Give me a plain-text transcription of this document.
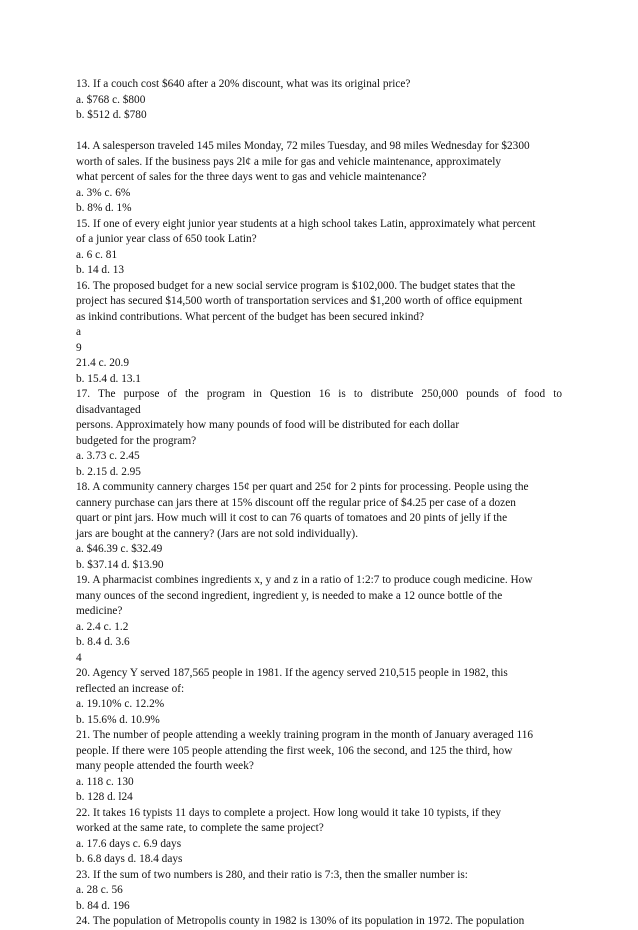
13. If a couch cost $640 after a 20% discount, what was its original price?
a. $768 c. $800
b. $512 d. $780
14. A salesperson traveled 145 miles Monday, 72 miles Tuesday, and 98 miles Wednesday for $2300
worth of sales. If the business pays 2l¢ a mile for gas and vehicle maintenance, approximately
what percent of sales for the three days went to gas and vehicle maintenance?
a. 3% c. 6%
b. 8% d. 1%
15. If one of every eight junior year students at a high school takes Latin, approximately what percent
of a junior year class of 650 took Latin?
a. 6 c. 81
b. 14 d. 13
16. The proposed budget for a new social service program is $102,000. The budget states that the
project has secured $14,500 worth of transportation services and $1,200 worth of office equipment
as inkind contributions. What percent of the budget has been secured inkind?
a
9
21.4 c. 20.9
b. 15.4 d. 13.1
17. The purpose of the program in Question 16 is to distribute 250,000 pounds of food to
disadvantaged
persons. Approximately how many pounds of food will be distributed for each dollar
budgeted for the program?
a. 3.73 c. 2.45
b. 2.15 d. 2.95
18. A community cannery charges 15¢ per quart and 25¢ for 2 pints for processing. People using the
cannery purchase can jars there at 15% discount off the regular price of $4.25 per case of a dozen
quart or pint jars. How much will it cost to can 76 quarts of tomatoes and 20 pints of jelly if the
jars are bought at the cannery? (Jars are not sold individually).
a. $46.39 c. $32.49
b. $37.14 d. $13.90
19. A pharmacist combines ingredients x, y and z in a ratio of 1:2:7 to produce cough medicine. How
many ounces of the second ingredient, ingredient y, is needed to make a 12 ounce bottle of the
medicine?
a. 2.4 c. 1.2
b. 8.4 d. 3.6
4
20. Agency Y served 187,565 people in 1981. If the agency served 210,515 people in 1982, this
reflected an increase of:
a. 19.10% c. 12.2%
b. 15.6% d. 10.9%
21. The number of people attending a weekly training program in the month of January averaged 116
people. If there were 105 people attending the first week, 106 the second, and 125 the third, how
many people attended the fourth week?
a. 118 c. 130
b. 128 d. l24
22. It takes 16 typists 11 days to complete a project. How long would it take 10 typists, if they
worked at the same rate, to complete the same project?
a. 17.6 days c. 6.9 days
b. 6.8 days d. 18.4 days
23. If the sum of two numbers is 280, and their ratio is 7:3, then the smaller number is:
a. 28 c. 56
b. 84 d. 196
24. The population of Metropolis county in 1982 is 130% of its population in 1972. The population
